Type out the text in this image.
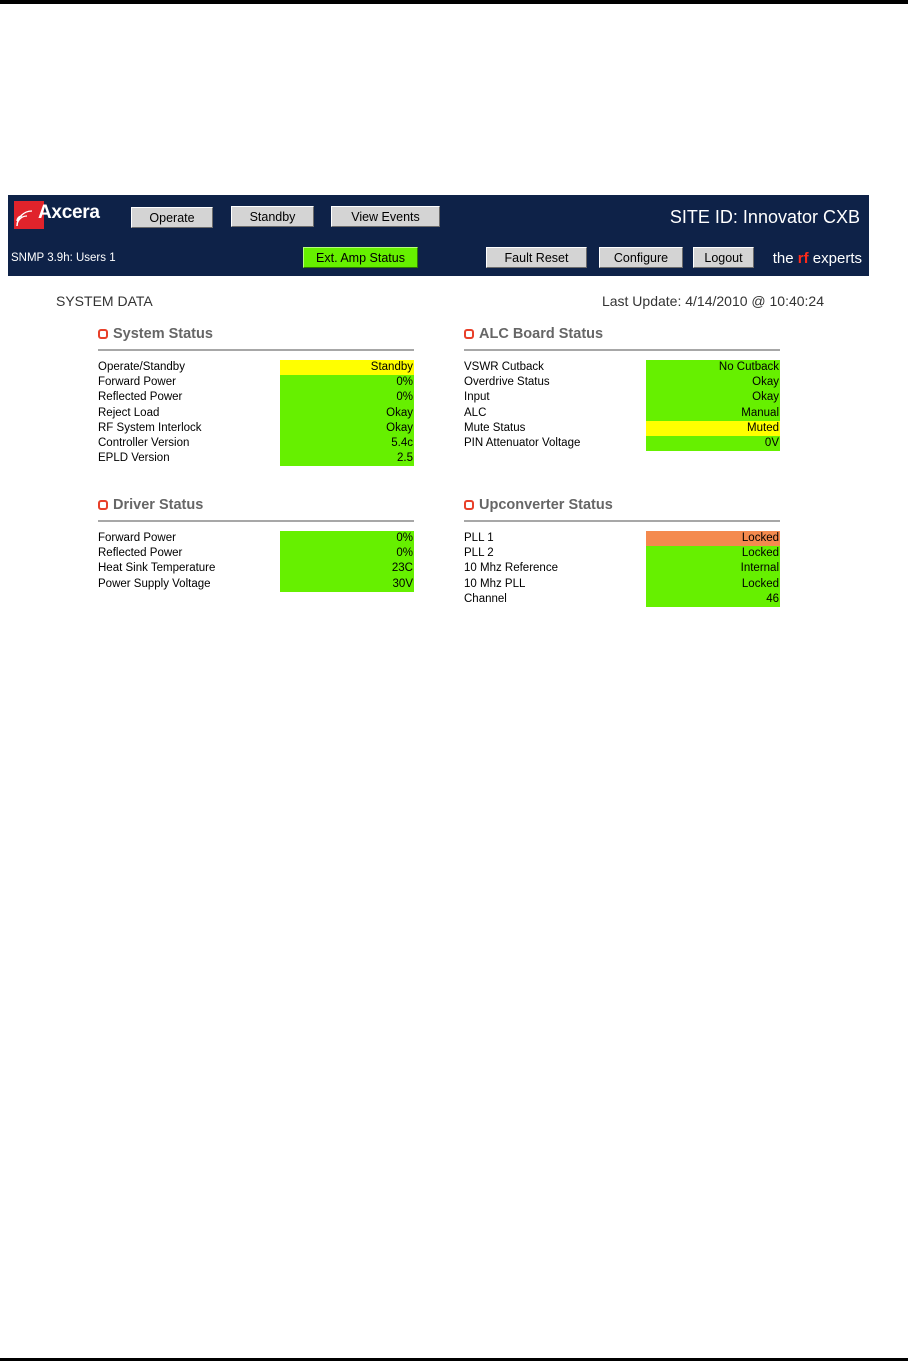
Axcera	Operate	Standby	View Events	SITE ID: Innovator CXB
SNMP 3.9h: Users 1	Ext. Amp Status	Fault Reset	Configure	Logout	the rf experts
SYSTEM DATA	Last Update: 4/14/2010 @ 10:40:24
System Status
Operate/Standby	Standby
Forward Power	0%
Reflected Power	0%
Reject Load	Okay
RF System Interlock	Okay
Controller Version	5.4c
EPLD Version	2.5
ALC Board Status
VSWR Cutback	No Cutback
Overdrive Status	Okay
Input	Okay
ALC	Manual
Mute Status	Muted
PIN Attenuator Voltage	0V
Driver Status
Forward Power	0%
Reflected Power	0%
Heat Sink Temperature	23C
Power Supply Voltage	30V
Upconverter Status
PLL 1	Locked
PLL 2	Locked
10 Mhz Reference	Internal
10 Mhz PLL	Locked
Channel	46
